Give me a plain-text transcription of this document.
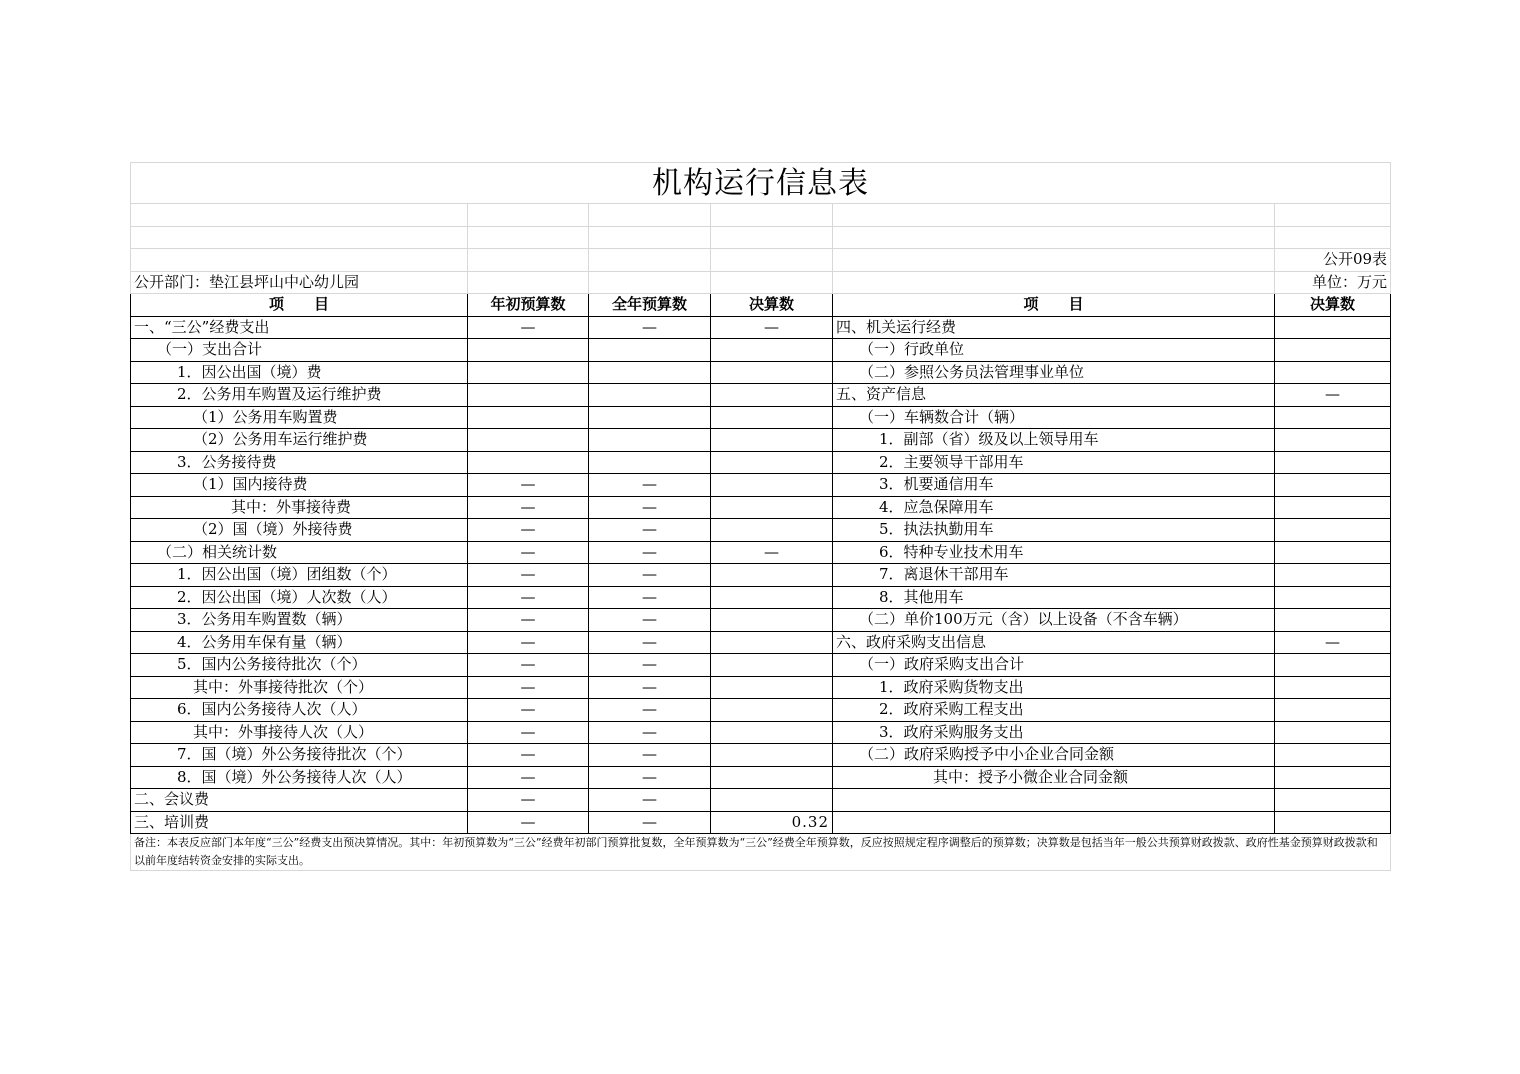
机构运行信息表					

					公开09表
公开部门：垫江县坪山中心幼儿园					单位：万元
项　　目	年初预算数	全年预算数	决算数	项　　目	决算数
一、“三公”经费支出	—	—	—	四、机关运行经费	
（一）支出合计				（一）行政单位	
1．因公出国（境）费				（二）参照公务员法管理事业单位	
2．公务用车购置及运行维护费				五、资产信息	—
（1）公务用车购置费				（一）车辆数合计（辆）	
（2）公务用车运行维护费				1．副部（省）级及以上领导用车	
3．公务接待费				2．主要领导干部用车	
（1）国内接待费	—	—		3．机要通信用车	
其中：外事接待费	—	—		4．应急保障用车	
（2）国（境）外接待费	—	—		5．执法执勤用车	
（二）相关统计数	—	—	—	6．特种专业技术用车	
1．因公出国（境）团组数（个）	—	—		7．离退休干部用车	
2．因公出国（境）人次数（人）	—	—		8．其他用车	
3．公务用车购置数（辆）	—	—		（二）单价100万元（含）以上设备（不含车辆）	
4．公务用车保有量（辆）	—	—		六、政府采购支出信息	—
5．国内公务接待批次（个）	—	—		（一）政府采购支出合计	
其中：外事接待批次（个）	—	—		1．政府采购货物支出	
6．国内公务接待人次（人）	—	—		2．政府采购工程支出	
其中：外事接待人次（人）	—	—		3．政府采购服务支出	
7．国（境）外公务接待批次（个）	—	—		（二）政府采购授予中小企业合同金额	
8．国（境）外公务接待人次（人）	—	—		其中：授予小微企业合同金额	
二、会议费	—	—			
三、培训费	—	—	0.32		
备注：本表反应部门本年度“三公”经费支出预决算情况。其中：年初预算数为“三公”经费年初部门预算批复数，全年预算数为“三公”经费全年预算数，反应按照规定程序调整后的预算数；决算数是包括当年一般公共预算财政拨款、政府性基金预算财政拨款和以前年度结转资金安排的实际支出。					
